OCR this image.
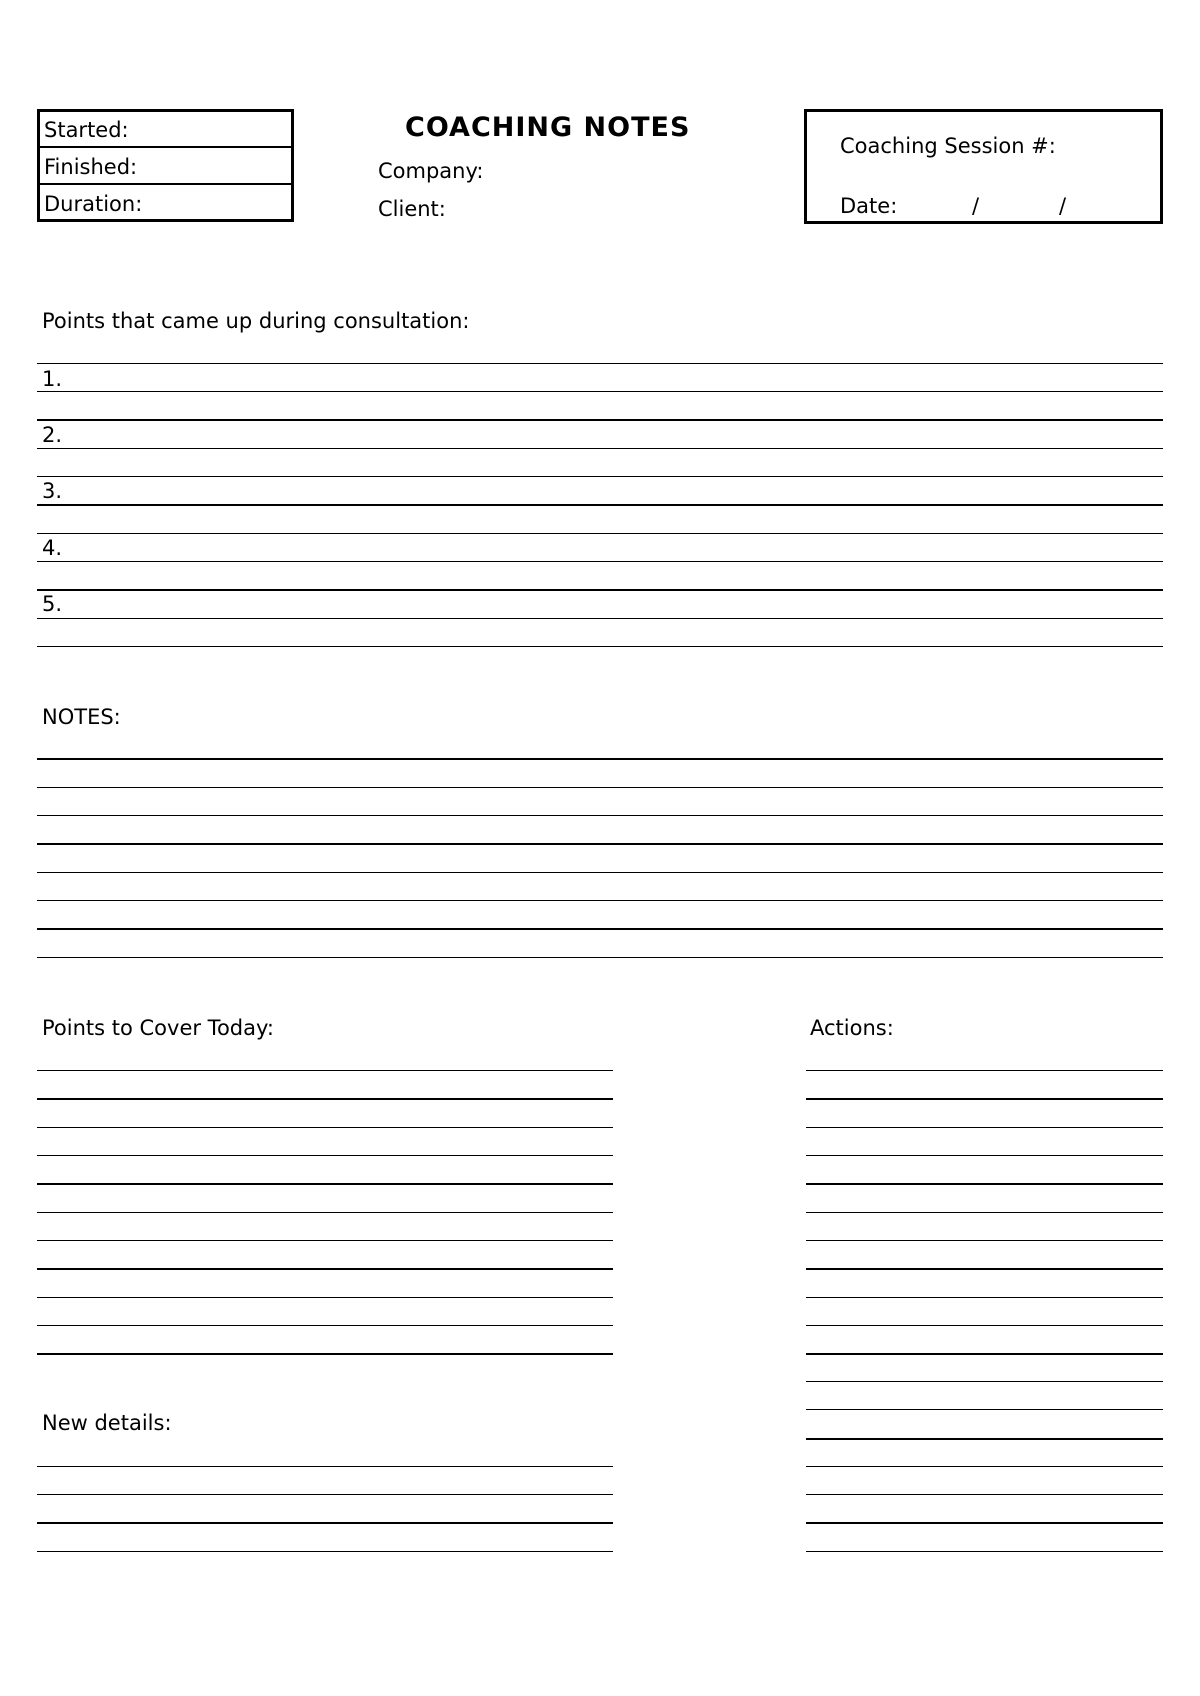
Started:
Finished:
Duration:
COACHING NOTES
Company:
Client:
Coaching Session #:
Date:	/	/
Points that came up during consultation:
1.
2.
3.
4.
5.
NOTES:
Points to Cover Today:	Actions:
New details:
